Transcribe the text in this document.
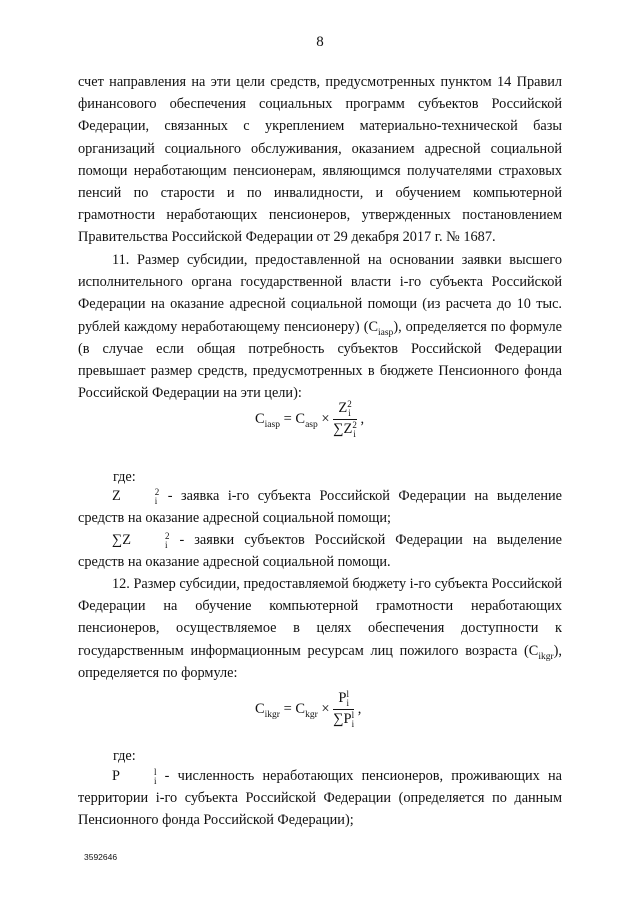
8

счет направления на эти цели средств, предусмотренных пунктом 14 Правил финансового обеспечения социальных программ субъектов Российской Федерации, связанных с укреплением материально-технической базы организаций социального обслуживания, оказанием адресной социальной помощи неработающим пенсионерам, являющимся получателями страховых пенсий по старости и по инвалидности, и обучением компьютерной грамотности неработающих пенсионеров, утвержденных постановлением Правительства Российской Федерации от 29 декабря 2017 г. № 1687.

11. Размер субсидии, предоставленной на основании заявки высшего исполнительного органа государственной власти i-го субъекта Российской Федерации на оказание адресной социальной помощи (из расчета до 10 тыс. рублей каждому неработающему пенсионеру) $(C_{iasp})$, определяется по формуле (в случае если общая потребность субъектов Российской Федерации превышает размер средств, предусмотренных в бюджете Пенсионного фонда Российской Федерации на эти цели):

$C_{iasp} = C_{asp} \times Z$ 2
i
∑Z 2
i ,
где:

Z	2
i - заявка i-го субъекта Российской Федерации на выделение средств на оказание адресной социальной помощи;

∑Z	2
i - заявки субъектов Российской Федерации на выделение средств на оказание адресной социальной помощи.

12. Размер субсидии, предоставляемой бюджету i-го субъекта Российской Федерации на обучение компьютерной грамотности неработающих пенсионеров, осуществляемое в целях обеспечения доступности к государственным информационным ресурсам лиц пожилого возраста $(C_{ikgr})$, определяется по формуле:

$C_{ikgr} = C_{kgr} \times P$ l
i
∑P l
i ,
где:

P	l
i - численность неработающих пенсионеров, проживающих на территории i-го субъекта Российской Федерации (определяется по данным Пенсионного фонда Российской Федерации);

3592646
